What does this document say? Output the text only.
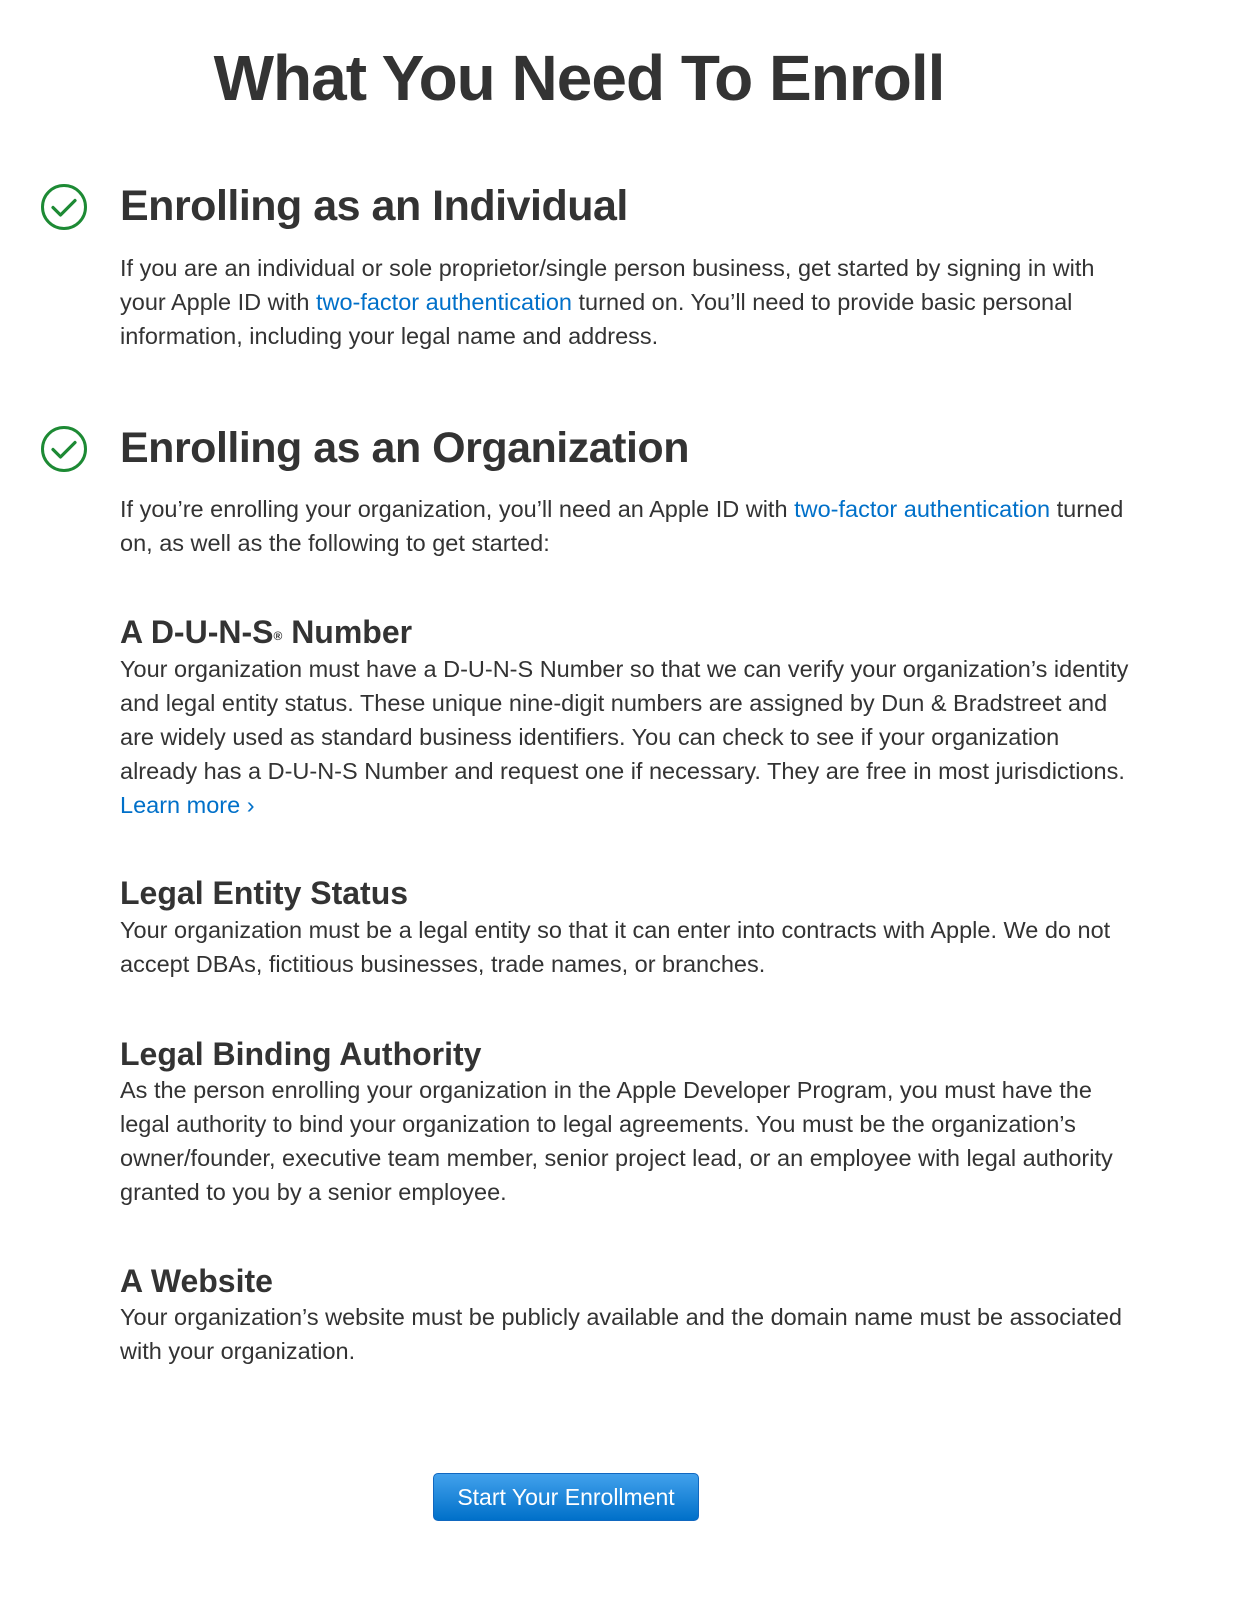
What You Need To Enroll
Enrolling as an Individual

If you are an individual or sole proprietor/single person business, get started by signing in with your Apple ID with two-factor authentication turned on. You’ll need to provide basic personal information, including your legal name and address.

Enrolling as an Organization

If you’re enrolling your organization, you’ll need an Apple ID with two-factor authentication turned on, as well as the following to get started:

A D-U-N-S® Number

Your organization must have a D-U-N-S Number so that we can verify your organization’s identity and legal entity status. These unique nine-digit numbers are assigned by Dun & Bradstreet and are widely used as standard business identifiers. You can check to see if your organization already has a D-U-N-S Number and request one if necessary. They are free in most jurisdictions. Learn more ›

Legal Entity Status

Your organization must be a legal entity so that it can enter into contracts with Apple. We do not accept DBAs, fictitious businesses, trade names, or branches.

Legal Binding Authority

As the person enrolling your organization in the Apple Developer Program, you must have the legal authority to bind your organization to legal agreements. You must be the organization’s owner/founder, executive team member, senior project lead, or an employee with legal authority granted to you by a senior employee.

A Website

Your organization’s website must be publicly available and the domain name must be associated with your organization.

Start Your Enrollment
